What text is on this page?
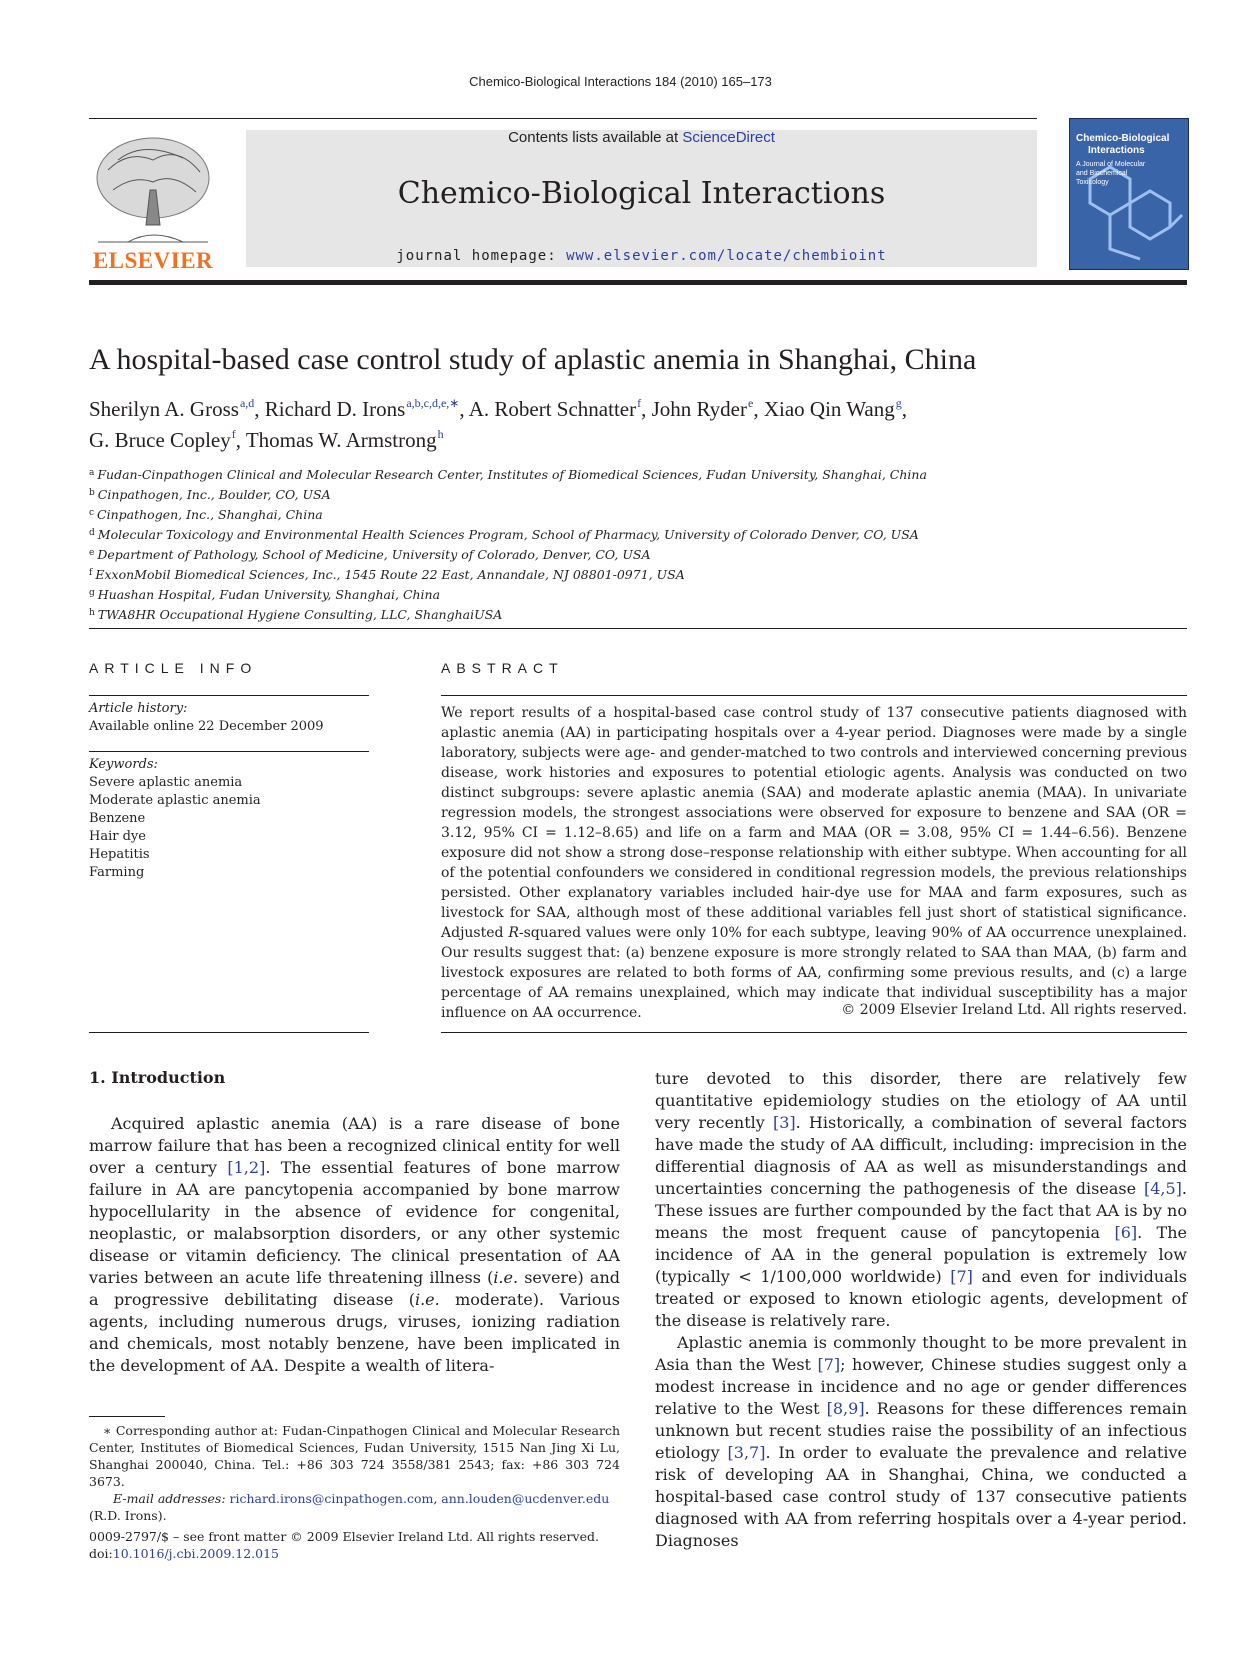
Chemico-Biological Interactions 184 (2010) 165–173
ELSEVIER
Contents lists available at ScienceDirect
Chemico-Biological Interactions
journal homepage: www.elsevier.com/locate/chembioint
Chemico-Biological
Interactions
A Journal of Molecular and Biochemical Toxicology
A hospital-based case control study of aplastic anemia in Shanghai, China
Sherilyn A. Gross$^{a,d}$, Richard D. Irons$^{a,b,c,d,e,∗}$, A. Robert Schnatter$^f$, John Ryder$^e$, Xiao Qin Wang$^g$,
G. Bruce Copley$^f$, Thomas W. Armstrong$^h$
$^a$ Fudan-Cinpathogen Clinical and Molecular Research Center, Institutes of Biomedical Sciences, Fudan University, Shanghai, China
$^b$ Cinpathogen, Inc., Boulder, CO, USA
$^c$ Cinpathogen, Inc., Shanghai, China
$^d$ Molecular Toxicology and Environmental Health Sciences Program, School of Pharmacy, University of Colorado Denver, CO, USA
$^e$ Department of Pathology, School of Medicine, University of Colorado, Denver, CO, USA
$^f$ ExxonMobil Biomedical Sciences, Inc., 1545 Route 22 East, Annandale, NJ 08801-0971, USA
$^g$ Huashan Hospital, Fudan University, Shanghai, China
$^h$ TWA8HR Occupational Hygiene Consulting, LLC, ShanghaiUSA
ARTICLE INFO
Article history:
Available online 22 December 2009
Keywords:
Severe aplastic anemia
Moderate aplastic anemia
Benzene
Hair dye
Hepatitis
Farming
ABSTRACT
We report results of a hospital-based case control study of 137 consecutive patients diagnosed with aplastic anemia (AA) in participating hospitals over a 4-year period. Diagnoses were made by a single laboratory, subjects were age- and gender-matched to two controls and interviewed concerning previous disease, work histories and exposures to potential etiologic agents. Analysis was conducted on two distinct subgroups: severe aplastic anemia (SAA) and moderate aplastic anemia (MAA). In univariate regression models, the strongest associations were observed for exposure to benzene and SAA (OR = 3.12, 95% CI = 1.12–8.65) and life on a farm and MAA (OR = 3.08, 95% CI = 1.44–6.56). Benzene exposure did not show a strong dose–response relationship with either subtype. When accounting for all of the potential confounders we considered in conditional regression models, the previous relationships persisted. Other explanatory variables included hair-dye use for MAA and farm exposures, such as livestock for SAA, although most of these additional variables fell just short of statistical significance. Adjusted R-squared values were only 10% for each subtype, leaving 90% of AA occurrence unexplained. Our results suggest that: (a) benzene exposure is more strongly related to SAA than MAA, (b) farm and livestock exposures are related to both forms of AA, confirming some previous results, and (c) a large percentage of AA remains unexplained, which may indicate that individual susceptibility has a major influence on AA occurrence.	© 2009 Elsevier Ireland Ltd. All rights reserved.
1. Introduction

Acquired aplastic anemia (AA) is a rare disease of bone marrow failure that has been a recognized clinical entity for well over a century [1,2]. The essential features of bone marrow failure in AA are pancytopenia accompanied by bone marrow hypocellularity in the absence of evidence for congenital, neoplastic, or malabsorption disorders, or any other systemic disease or vitamin deficiency. The clinical presentation of AA varies between an acute life threatening illness (i.e. severe) and a progressive debilitating disease (i.e. moderate). Various agents, including numerous drugs, viruses, ionizing radiation and chemicals, most notably benzene, have been implicated in the development of AA. Despite a wealth of litera-

ture devoted to this disorder, there are relatively few quantitative epidemiology studies on the etiology of AA until very recently [3]. Historically, a combination of several factors have made the study of AA difficult, including: imprecision in the differential diagnosis of AA as well as misunderstandings and uncertainties concerning the pathogenesis of the disease [4,5]. These issues are further compounded by the fact that AA is by no means the most frequent cause of pancytopenia [6]. The incidence of AA in the general population is extremely low (typically < 1/100,000 worldwide) [7] and even for individuals treated or exposed to known etiologic agents, development of the disease is relatively rare.

Aplastic anemia is commonly thought to be more prevalent in Asia than the West [7]; however, Chinese studies suggest only a modest increase in incidence and no age or gender differences relative to the West [8,9]. Reasons for these differences remain unknown but recent studies raise the possibility of an infectious etiology [3,7]. In order to evaluate the prevalence and relative risk of developing AA in Shanghai, China, we conducted a hospital-based case control study of 137 consecutive patients diagnosed with AA from referring hospitals over a 4-year period. Diagnoses

∗ Corresponding author at: Fudan-Cinpathogen Clinical and Molecular Research Center, Institutes of Biomedical Sciences, Fudan University, 1515 Nan Jing Xi Lu, Shanghai 200040, China. Tel.: +86 303 724 3558/381 2543; fax: +86 303 724 3673.
E-mail addresses: richard.irons@cinpathogen.com, ann.louden@ucdenver.edu
(R.D. Irons).
0009-2797/$ – see front matter © 2009 Elsevier Ireland Ltd. All rights reserved.
doi:10.1016/j.cbi.2009.12.015
